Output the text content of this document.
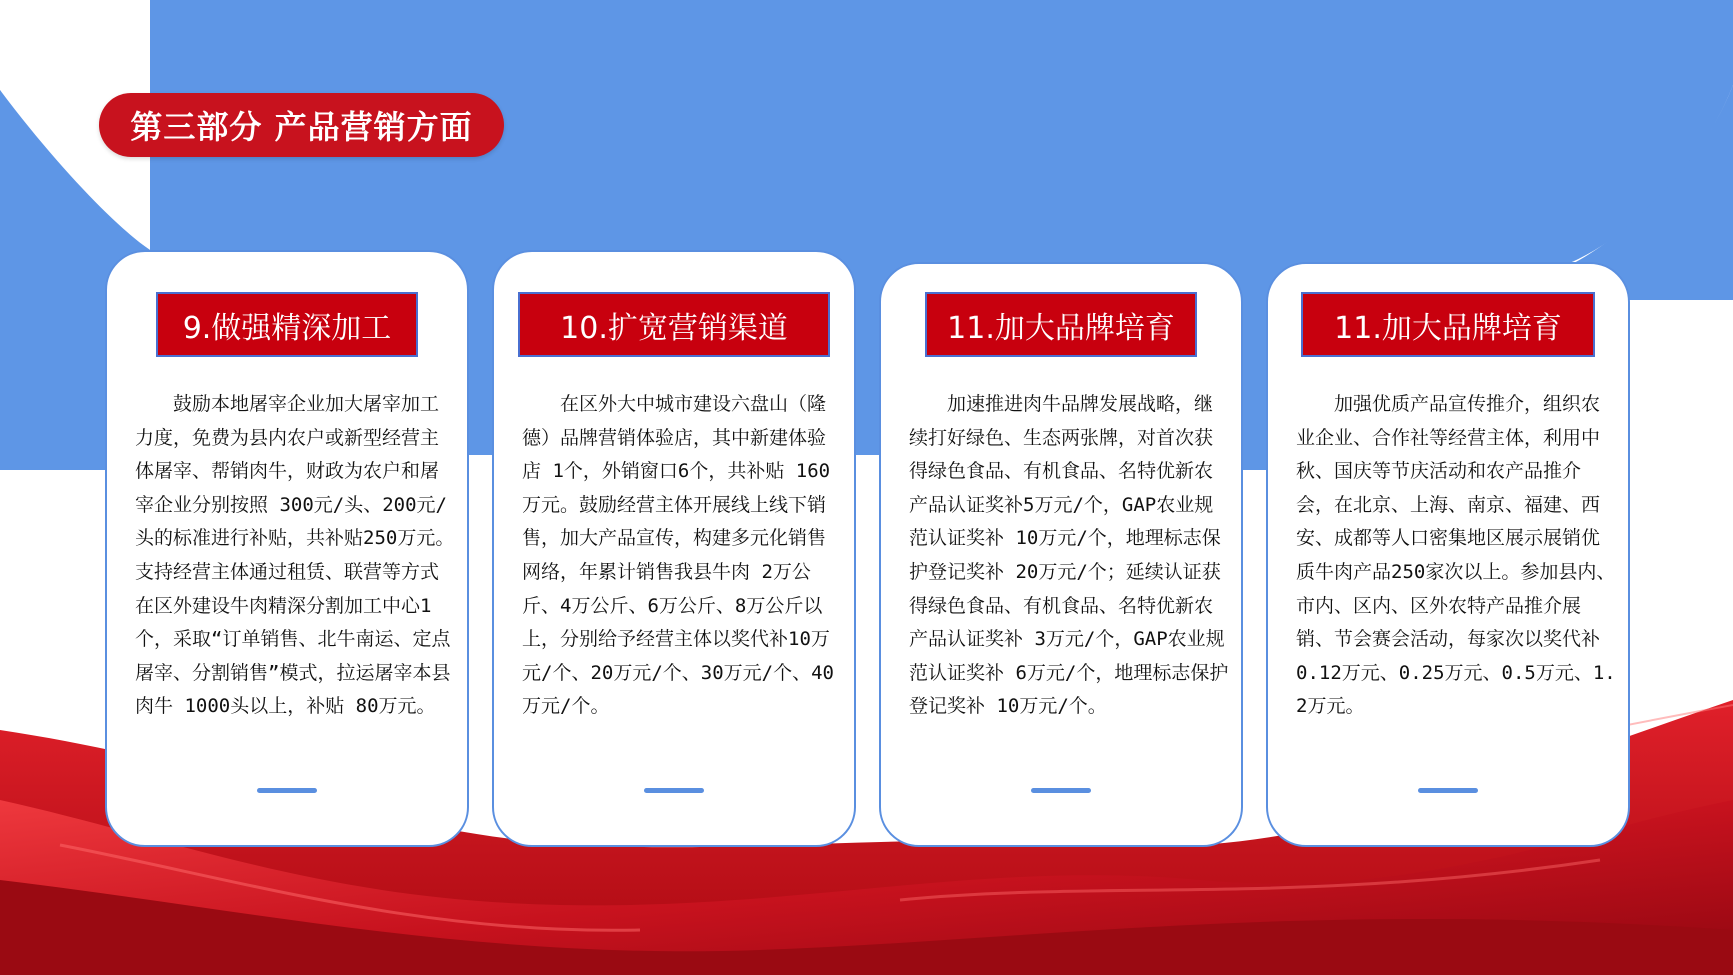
第三部分 产品营销方面
9.做强精深加工

鼓励本地屠宰企业加大屠宰加工力度，免费为县内农户或新型经营主体屠宰、帮销肉牛，财政为农户和屠宰企业分别按照 300元/头、200元/头的标准进行补贴，共补贴250万元。支持经营主体通过租赁、联营等方式在区外建设牛肉精深分割加工中心1个，采取“订单销售、北牛南运、定点屠宰、分割销售”模式，拉运屠宰本县肉牛 1000头以上，补贴 80万元。

10.扩宽营销渠道

在区外大中城市建设六盘山（隆德）品牌营销体验店，其中新建体验店 1个，外销窗口6个，共补贴 160万元。鼓励经营主体开展线上线下销售，加大产品宣传，构建多元化销售网络，年累计销售我县牛肉 2万公斤、4万公斤、6万公斤、8万公斤以上，分别给予经营主体以奖代补10万元/个、20万元/个、30万元/个、40万元/个。

11.加大品牌培育

加速推进肉牛品牌发展战略，继续打好绿色、生态两张牌，对首次获得绿色食品、有机食品、名特优新农产品认证奖补5万元/个，GAP农业规范认证奖补 10万元/个，地理标志保护登记奖补 20万元/个；延续认证获得绿色食品、有机食品、名特优新农产品认证奖补 3万元/个，GAP农业规范认证奖补 6万元/个，地理标志保护登记奖补 10万元/个。

11.加大品牌培育

加强优质产品宣传推介，组织农业企业、合作社等经营主体，利用中秋、国庆等节庆活动和农产品推介会，在北京、上海、南京、福建、西安、成都等人口密集地区展示展销优质牛肉产品250家次以上。参加县内、市内、区内、区外农特产品推介展销、节会赛会活动，每家次以奖代补0.12万元、0.25万元、0.5万元、1.2万元。
